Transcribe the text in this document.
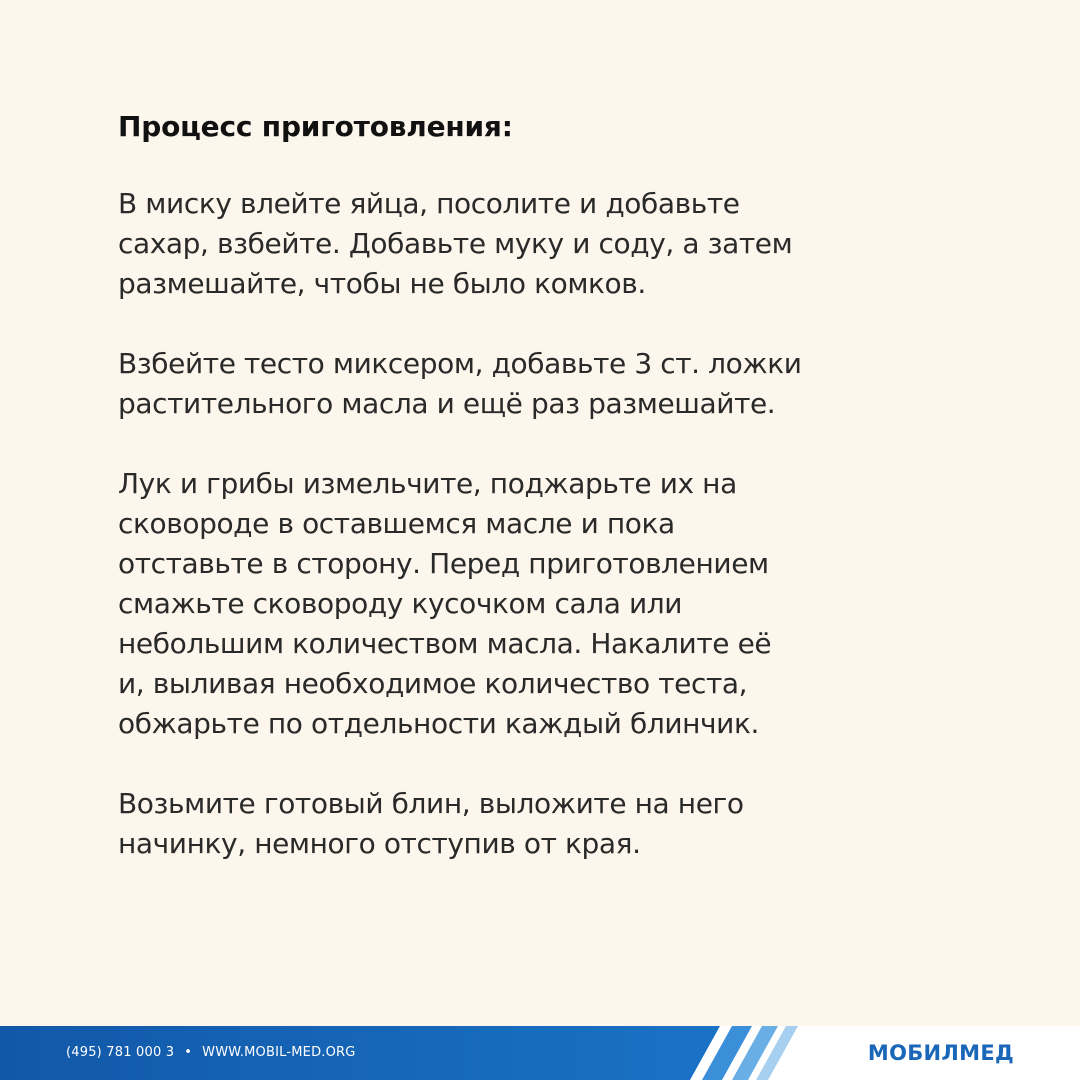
Процесс приготовления:
В миску влейте яйца, посолите и добавьте
сахар, взбейте. Добавьте муку и соду, а затем
размешайте, чтобы не было комков.
Взбейте тесто миксером, добавьте 3 ст. ложки
растительного масла и ещё раз размешайте.
Лук и грибы измельчите, поджарьте их на
сковороде в оставшемся масле и пока
отставьте в сторону. Перед приготовлением
смажьте сковороду кусочком сала или
небольшим количеством масла. Накалите её
и, выливая необходимое количество теста,
обжарьте по отдельности каждый блинчик.
Возьмите готовый блин, выложите на него
начинку, немного отступив от края.
(495) 781 000 3 • WWW.MOBIL-MED.ORG	МОБИЛМЕД
